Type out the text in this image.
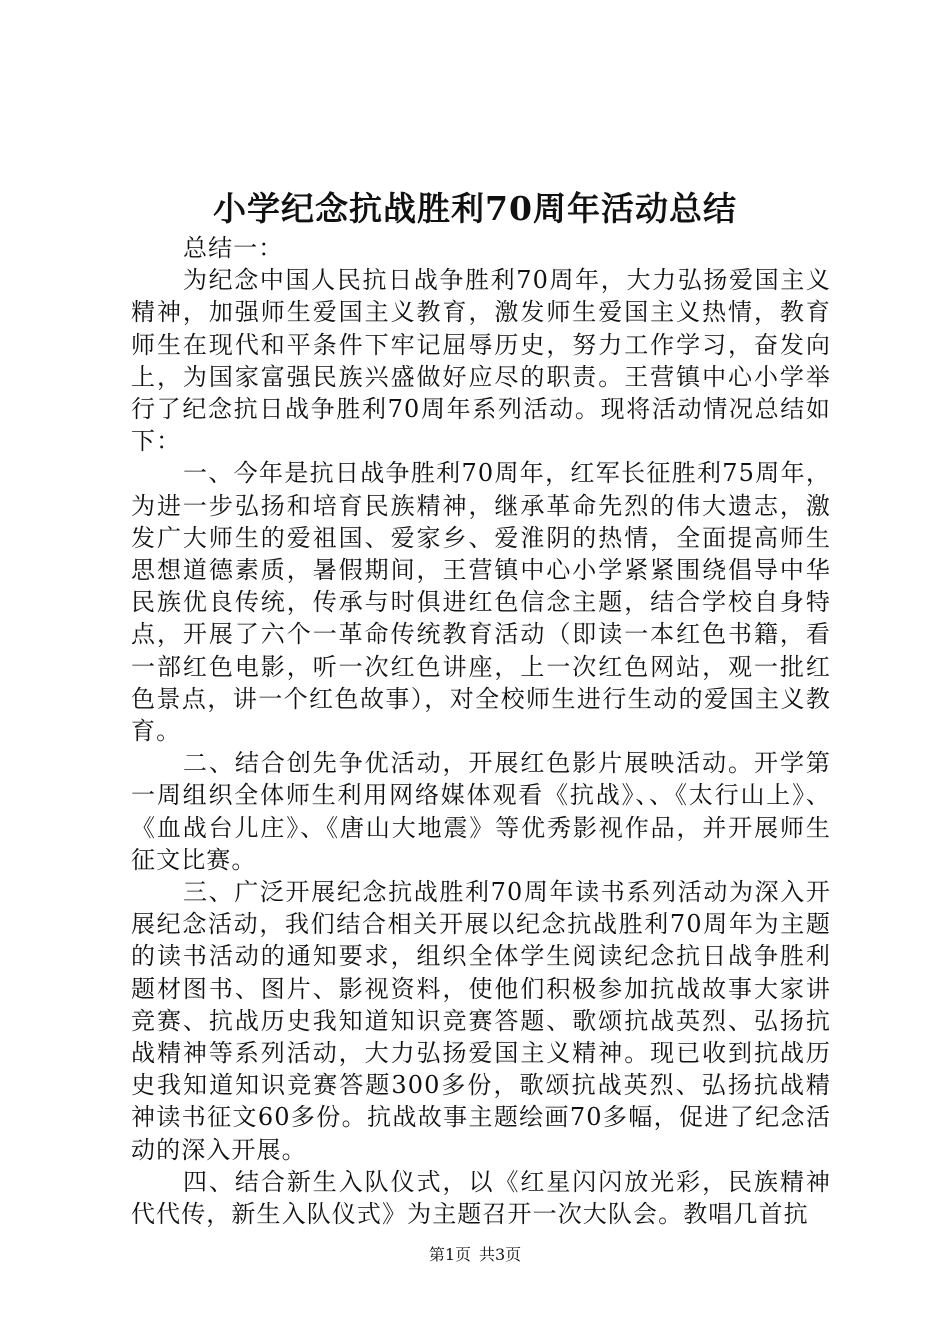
小学纪念抗战胜利70周年活动总结

总结一：

为纪念中国人民抗日战争胜利70周年，大力弘扬爱国主义精神，加强师生爱国主义教育，激发师生爱国主义热情，教育师生在现代和平条件下牢记屈辱历史，努力工作学习，奋发向上，为国家富强民族兴盛做好应尽的职责。王营镇中心小学举行了纪念抗日战争胜利70周年系列活动。现将活动情况总结如下：

一、今年是抗日战争胜利70周年，红军长征胜利75周年，为进一步弘扬和培育民族精神，继承革命先烈的伟大遗志，激发广大师生的爱祖国、爱家乡、爱淮阴的热情，全面提高师生思想道德素质，暑假期间，王营镇中心小学紧紧围绕倡导中华民族优良传统，传承与时俱进红色信念主题，结合学校自身特点，开展了六个一革命传统教育活动（即读一本红色书籍，看一部红色电影，听一次红色讲座，上一次红色网站，观一批红色景点，讲一个红色故事），对全校师生进行生动的爱国主义教育。

二、结合创先争优活动，开展红色影片展映活动。开学第一周组织全体师生利用网络媒体观看《抗战》、、《太行山上》、《血战台儿庄》、《唐山大地震》等优秀影视作品，并开展师生征文比赛。

三、广泛开展纪念抗战胜利70周年读书系列活动为深入开展纪念活动，我们结合相关开展以纪念抗战胜利70周年为主题的读书活动的通知要求，组织全体学生阅读纪念抗日战争胜利题材图书、图片、影视资料，使他们积极参加抗战故事大家讲竞赛、抗战历史我知道知识竞赛答题、歌颂抗战英烈、弘扬抗战精神等系列活动，大力弘扬爱国主义精神。现已收到抗战历史我知道知识竞赛答题300多份，歌颂抗战英烈、弘扬抗战精神读书征文60多份。抗战故事主题绘画70多幅，促进了纪念活动的深入开展。

四、结合新生入队仪式，以《红星闪闪放光彩，民族精神代代传，新生入队仪式》为主题召开一次大队会。教唱几首抗

第1页 共3页
